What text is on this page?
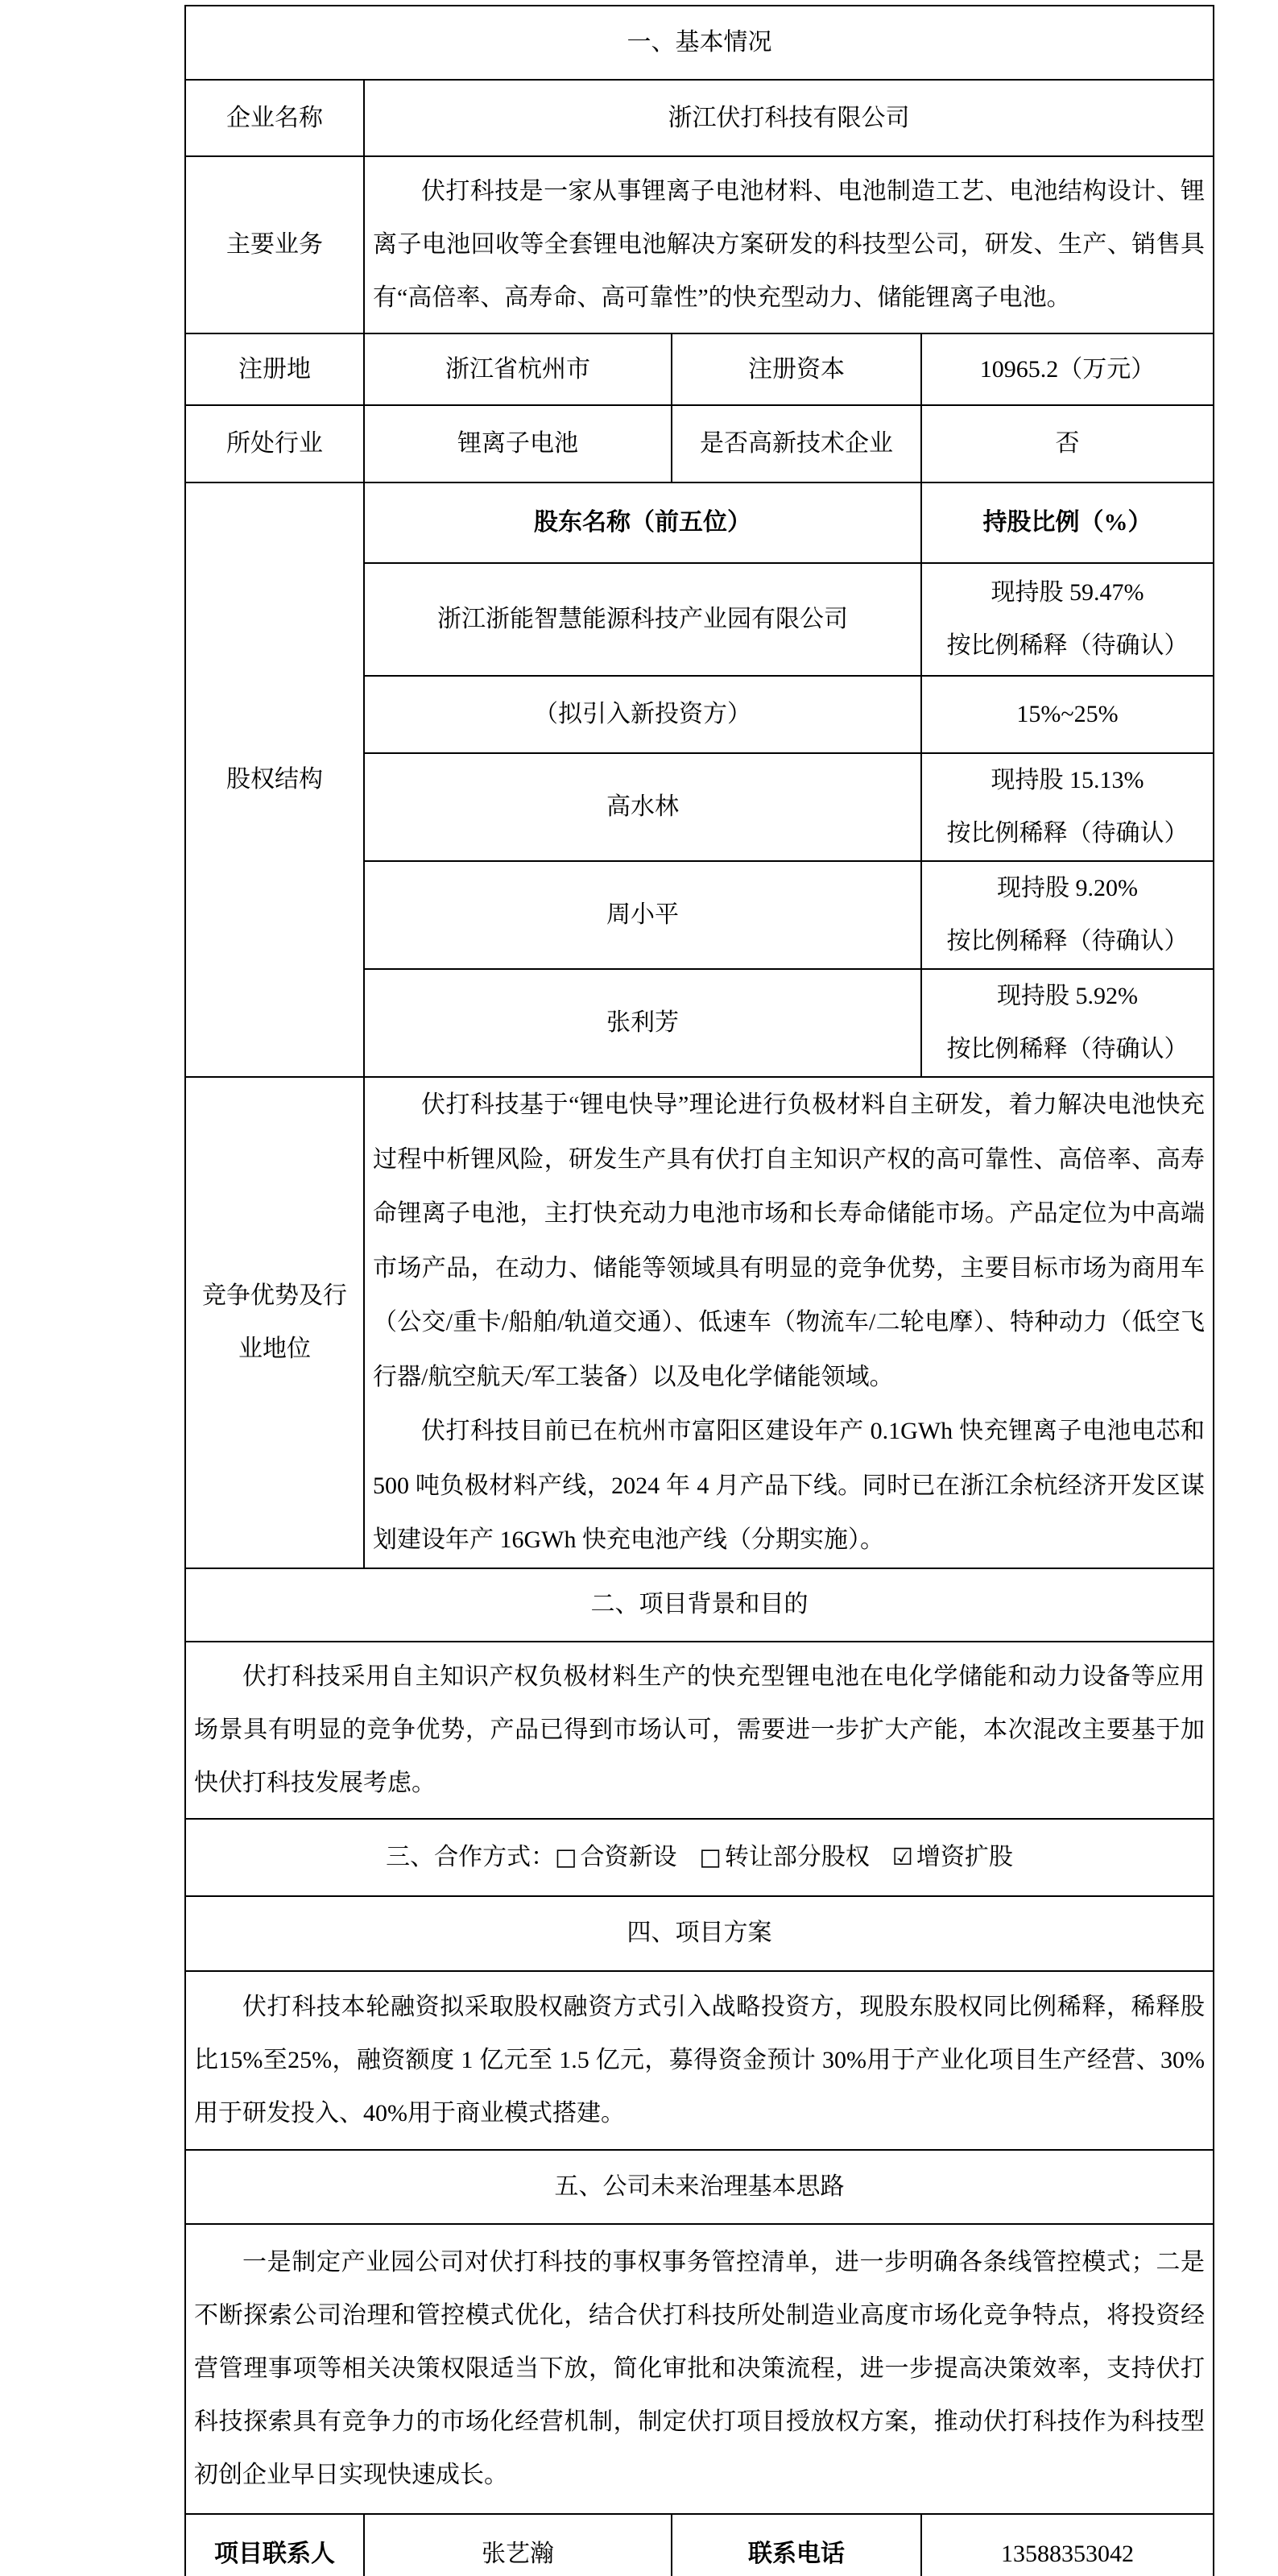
一、基本情况			
企业名称	浙江伏打科技有限公司		
主要业务	伏打科技是一家从事锂离子电池材料、电池制造工艺、电池结构设计、锂离子电池回收等全套锂电池解决方案研发的科技型公司，研发、生产、销售具有“高倍率、高寿命、高可靠性”的快充型动力、储能锂离子电池。		

注册地	浙江省杭州市	注册资本	10965.2（万元）
所处行业	锂离子电池	是否高新技术企业	否
股权结构	股东名称（前五位）		持股比例（%）
	浙江浙能智慧能源科技产业园有限公司		现持股 59.47%
按比例稀释（待确认）

	（拟引入新投资方）		15%~25%

	高水林		现持股 15.13%
按比例稀释（待确认）

	周小平		现持股 9.20%
按比例稀释（待确认）

	张利芳		现持股 5.92%
按比例稀释（待确认）

竞争优势及行业地位	伏打科技基于“锂电快导”理论进行负极材料自主研发，着力解决电池快充过程中析锂风险，研发生产具有伏打自主知识产权的高可靠性、高倍率、高寿命锂离子电池，主打快充动力电池市场和长寿命储能市场。产品定位为中高端市场产品，在动力、储能等领域具有明显的竞争优势，主要目标市场为商用车（公交/重卡/船舶/轨道交通）、低速车（物流车/二轮电摩）、特种动力（低空飞行器/航空航天/军工装备）以及电化学储能领域。

伏打科技目前已在杭州市富阳区建设年产 0.1GWh 快充锂离子电池电芯和 500 吨负极材料产线，2024 年 4 月产品下线。同时已在浙江余杭经济开发区谋划建设年产 16GWh 快充电池产线（分期实施）。		

二、项目背景和目的			

伏打科技采用自主知识产权负极材料生产的快充型锂电池在电化学储能和动力设备等应用场景具有明显的竞争优势，产品已得到市场认可，需要进一步扩大产能，本次混改主要基于加快伏打科技发展考虑。			

三、合作方式：□ 合资新设 □ 转让部分股权 ☑ 增资扩股			
四、项目方案			

伏打科技本轮融资拟采取股权融资方式引入战略投资方，现股东股权同比例稀释，稀释股比15%至25%，融资额度 1 亿元至 1.5 亿元，募得资金预计 30%用于产业化项目生产经营、30%用于研发投入、40%用于商业模式搭建。			

五、公司未来治理基本思路			

一是制定产业园公司对伏打科技的事权事务管控清单，进一步明确各条线管控模式；二是不断探索公司治理和管控模式优化，结合伏打科技所处制造业高度市场化竞争特点，将投资经营管理事项等相关决策权限适当下放，简化审批和决策流程，进一步提高决策效率，支持伏打科技探索具有竞争力的市场化经营机制，制定伏打项目授放权方案，推动伏打科技作为科技型初创企业早日实现快速成长。			

项目联系人	张艺瀚	联系电话	13588353042
